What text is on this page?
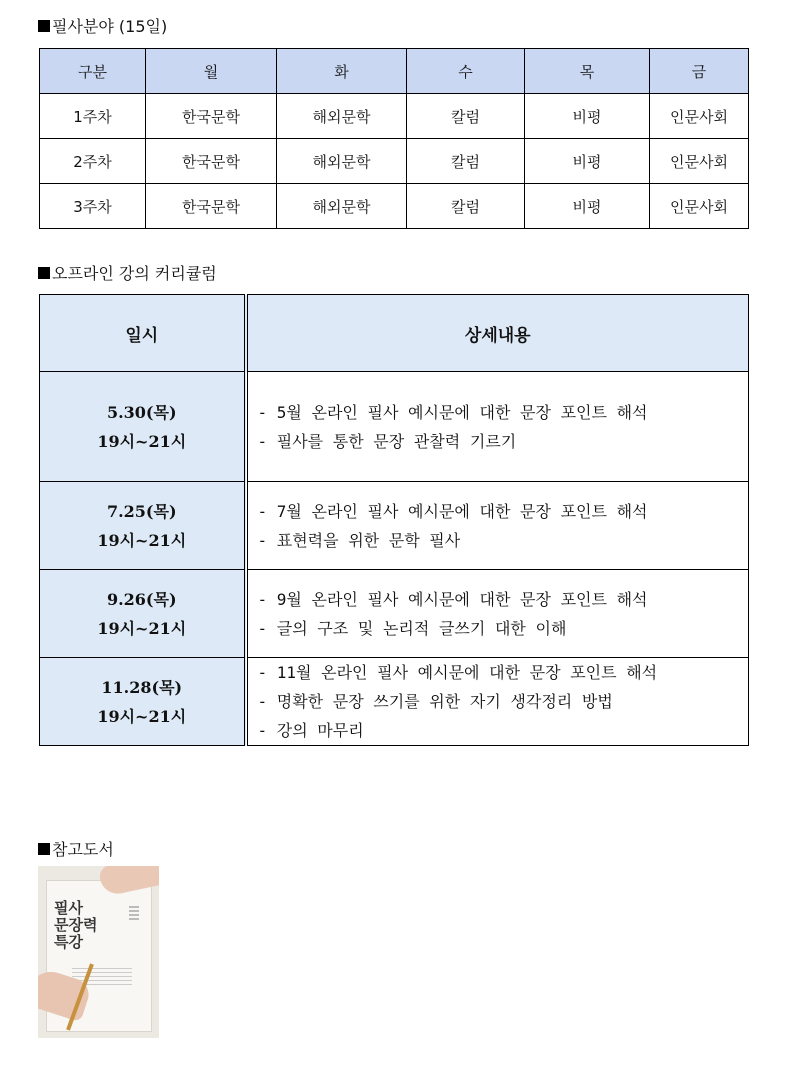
필사분야 (15일)
구분	월	화	수	목	금
1주차	한국문학	해외문학	칼럼	비평	인문사회
2주차	한국문학	해외문학	칼럼	비평	인문사회
3주차	한국문학	해외문학	칼럼	비평	인문사회
오프라인 강의 커리큘럼
일시	상세내용

5.30(목)
19시~21시	- 5월 온라인 필사 예시문에 대한 문장 포인트 해석
- 필사를 통한 문장 관찰력 기르기

7.25(목)
19시~21시	- 7월 온라인 필사 예시문에 대한 문장 포인트 해석
- 표현력을 위한 문학 필사

9.26(목)
19시~21시	- 9월 온라인 필사 예시문에 대한 문장 포인트 해석
- 글의 구조 및 논리적 글쓰기 대한 이해

11.28(목)
19시~21시	- 11월 온라인 필사 예시문에 대한 문장 포인트 해석
- 명확한 문장 쓰기를 위한 자기 생각정리 방법
- 강의 마무리
참고도서

필사
문장력
특강
